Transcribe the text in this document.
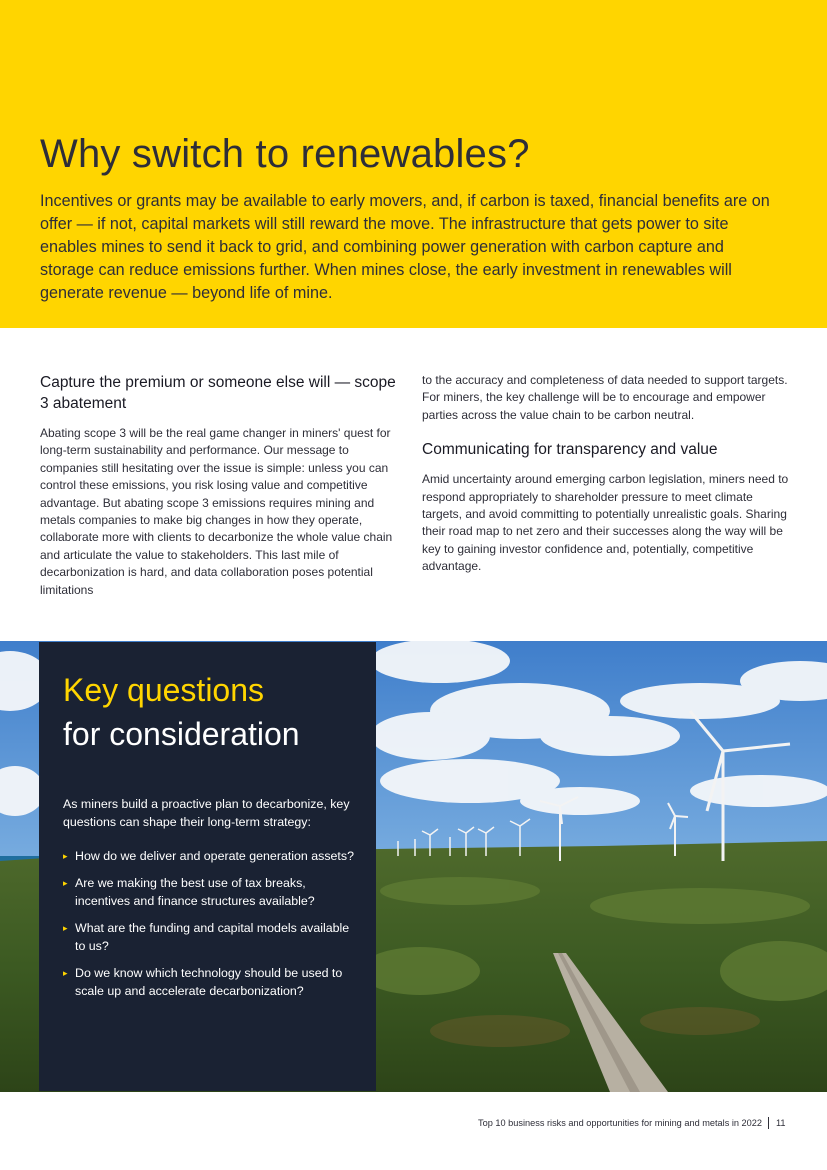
Why switch to renewables?

Incentives or grants may be available to early movers, and, if carbon is taxed, financial benefits are on offer — if not, capital markets will still reward the move. The infrastructure that gets power to site enables mines to send it back to grid, and combining power generation with carbon capture and storage can reduce emissions further. When mines close, the early investment in renewables will generate revenue — beyond life of mine.

Capture the premium or someone else will — scope 3 abatement

Abating scope 3 will be the real game changer in miners' quest for long-term sustainability and performance. Our message to companies still hesitating over the issue is simple: unless you can control these emissions, you risk losing value and competitive advantage. But abating scope 3 emissions requires mining and metals companies to make big changes in how they operate, collaborate more with clients to decarbonize the whole value chain and articulate the value to stakeholders. This last mile of decarbonization is hard, and data collaboration poses potential limitations

to the accuracy and completeness of data needed to support targets. For miners, the key challenge will be to encourage and empower parties across the value chain to be carbon neutral.

Communicating for transparency and value

Amid uncertainty around emerging carbon legislation, miners need to respond appropriately to shareholder pressure to meet climate targets, and avoid committing to potentially unrealistic goals. Sharing their road map to net zero and their successes along the way will be key to gaining investor confidence and, potentially, competitive advantage.

Key questions
for consideration

As miners build a proactive plan to decarbonize, key questions can shape their long-term strategy:

▸ How do we deliver and operate generation assets?
▸ Are we making the best use of tax breaks, incentives and finance structures available?
▸ What are the funding and capital models available to us?
▸ Do we know which technology should be used to scale up and accelerate decarbonization?
Top 10 business risks and opportunities for mining and metals in 2022 11
